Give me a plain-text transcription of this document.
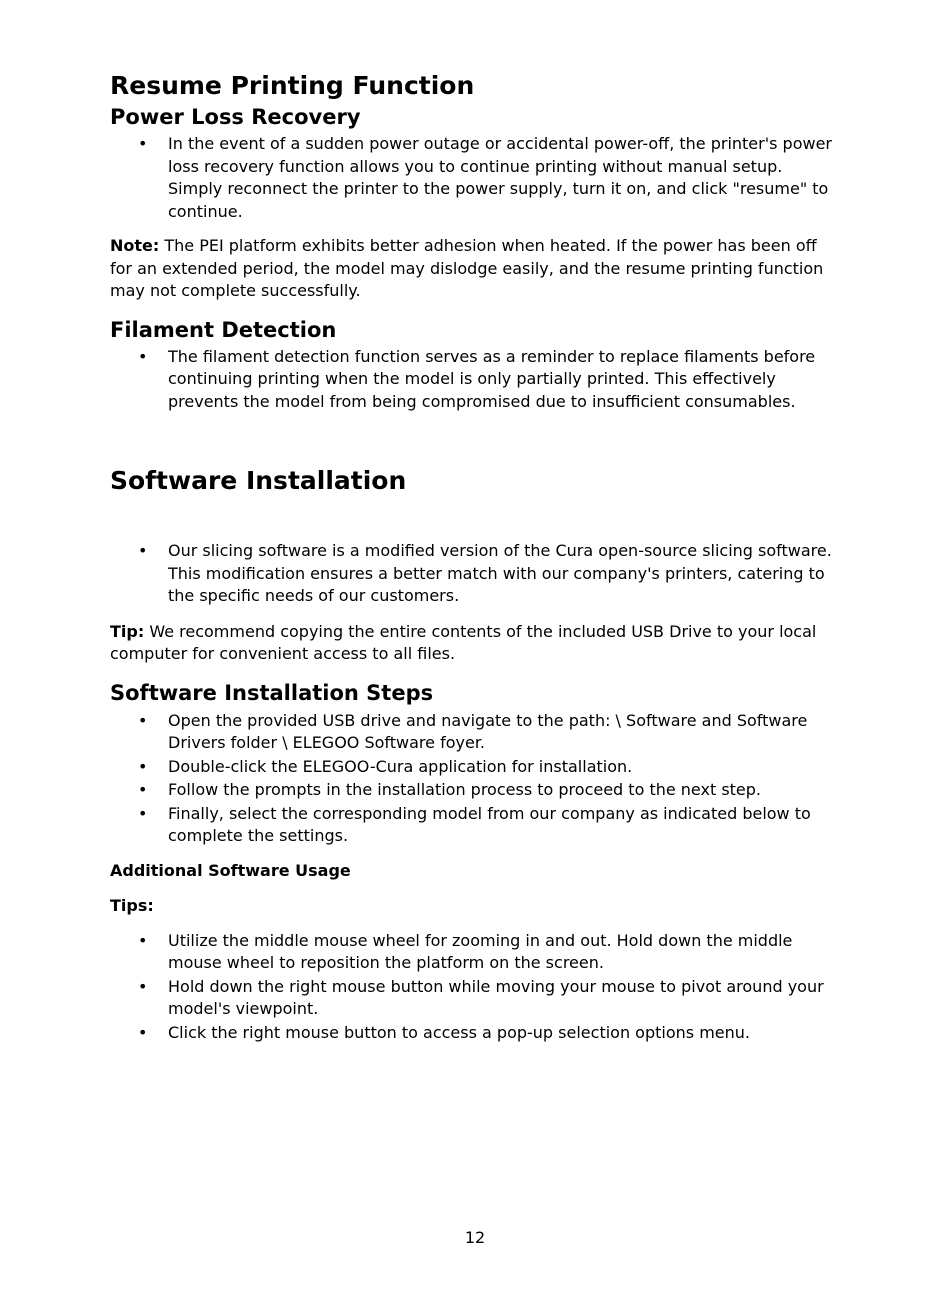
Resume Printing Function
Power Loss Recovery
• In the event of a sudden power outage or accidental power-off, the printer's power loss recovery function allows you to continue printing without manual setup. Simply reconnect the printer to the power supply, turn it on, and click "resume" to continue.

Note: The PEI platform exhibits better adhesion when heated. If the power has been off for an extended period, the model may dislodge easily, and the resume printing function may not complete successfully.

Filament Detection
• The filament detection function serves as a reminder to replace filaments before continuing printing when the model is only partially printed. This effectively prevents the model from being compromised due to insufficient consumables.
Software Installation
• Our slicing software is a modified version of the Cura open-source slicing software. This modification ensures a better match with our company's printers, catering to the specific needs of our customers.

Tip: We recommend copying the entire contents of the included USB Drive to your local computer for convenient access to all files.

Software Installation Steps
• Open the provided USB drive and navigate to the path: \ Software and Software Drivers folder \ ELEGOO Software foyer.
• Double-click the ELEGOO-Cura application for installation.
• Follow the prompts in the installation process to proceed to the next step.
• Finally, select the corresponding model from our company as indicated below to complete the settings.
Additional Software Usage
Tips:
• Utilize the middle mouse wheel for zooming in and out. Hold down the middle mouse wheel to reposition the platform on the screen.
• Hold down the right mouse button while moving your mouse to pivot around your model's viewpoint.
• Click the right mouse button to access a pop-up selection options menu.
12
